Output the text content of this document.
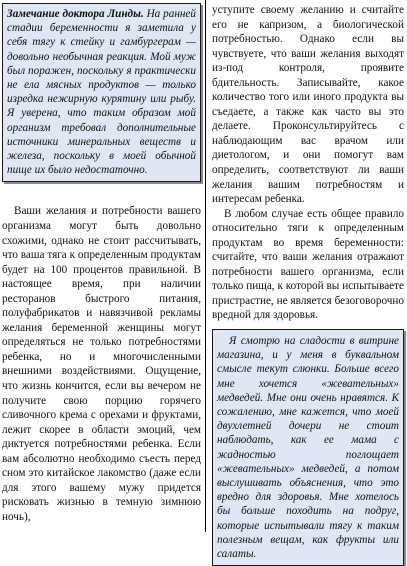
Замечание доктора Линды. На ранней стадии беременности я заметила у себя тягу к стейку и гамбургерам — довольно необычная реакция. Мой муж был поражен, поскольку я практически не ела мясных продуктов — только изредка нежирную курятину или рыбу. Я уверена, что таким образом мой организм требовал дополнительные источники минеральных веществ и железа, поскольку в моей обычной пище их было недостаточно.

Ваши желания и потребности вашего организма могут быть довольно схожими, однако не стоит рассчитывать, что ваша тяга к определенным продуктам будет на 100 процентов правильной. В настоящее время, при наличии ресторанов быстрого питания, полуфабрикатов и навязчивой рекламы желания беременной женщины могут определяться не только потребностями ребенка, но и многочисленными внешними воздействиями. Ощущение, что жизнь кончится, если вы вечером не получите свою порцию горячего сливочного крема с орехами и фруктами, лежит скорее в области эмоций, чем диктуется потребностями ребенка. Если вам абсолютно необходимо съесть перед сном это китайское лакомство (даже если для этого вашему мужу придется рисковать жизнью в темную зимнюю ночь),

уступите своему желанию и считайте его не капризом, а биологической потребностью. Однако если вы чувствуете, что ваши желания выходят из-под контроля, проявите бдительность. Записывайте, какое количество того или иного продукта вы съедаете, а также как часто вы это делаете. Проконсультируйтесь с наблюдающим вас врачом или диетологом, и они помогут вам определить, соответствуют ли ваши желания вашим потребностям и интересам ребенка.

В любом случае есть общее правило относительно тяги к определенным продуктам во время беременности: считайте, что ваши желания отражают потребности вашего организма, если только пища, к которой вы испытываете пристрастие, не является безоговорочно вредной для здоровья.

Я смотрю на сладости в витрине магазина, и у меня в буквальном смысле текут слюнки. Больше всего мне хочется «жевательных» медведей. Мне они очень нравятся. К сожалению, мне кажется, что моей двухлетней дочери не стоит наблюдать, как ее мама с жадностью поглощает «жевательных» медведей, а потом выслушивать объяснения, что это вредно для здоровья. Мне хотелось бы больше походить на подруг, которые испытывали тягу к таким полезным вещам, как фрукты или салаты.
